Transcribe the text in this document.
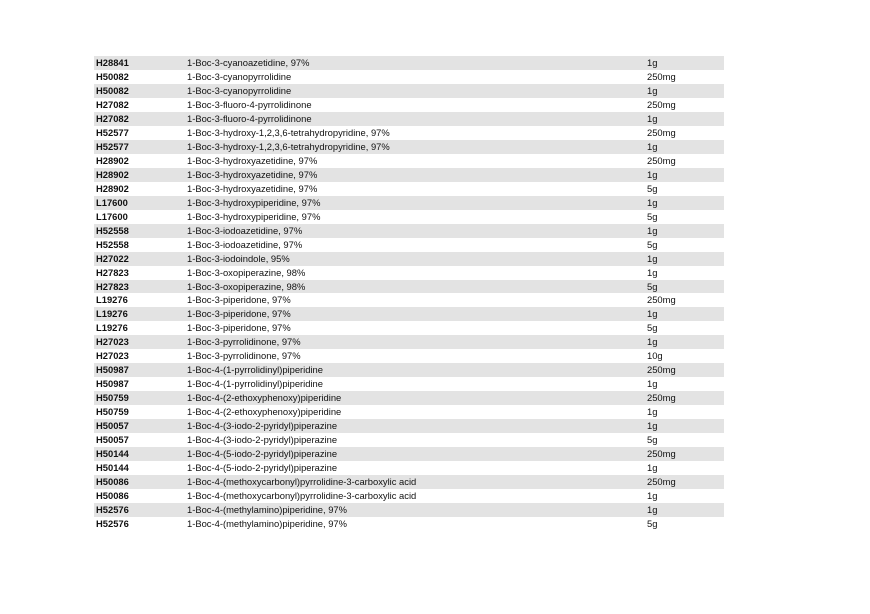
H28841	1-Boc-3-cyanoazetidine, 97%	1g
H50082	1-Boc-3-cyanopyrrolidine	250mg
H50082	1-Boc-3-cyanopyrrolidine	1g
H27082	1-Boc-3-fluoro-4-pyrrolidinone	250mg
H27082	1-Boc-3-fluoro-4-pyrrolidinone	1g
H52577	1-Boc-3-hydroxy-1,2,3,6-tetrahydropyridine, 97%	250mg
H52577	1-Boc-3-hydroxy-1,2,3,6-tetrahydropyridine, 97%	1g
H28902	1-Boc-3-hydroxyazetidine, 97%	250mg
H28902	1-Boc-3-hydroxyazetidine, 97%	1g
H28902	1-Boc-3-hydroxyazetidine, 97%	5g
L17600	1-Boc-3-hydroxypiperidine, 97%	1g
L17600	1-Boc-3-hydroxypiperidine, 97%	5g
H52558	1-Boc-3-iodoazetidine, 97%	1g
H52558	1-Boc-3-iodoazetidine, 97%	5g
H27022	1-Boc-3-iodoindole, 95%	1g
H27823	1-Boc-3-oxopiperazine, 98%	1g
H27823	1-Boc-3-oxopiperazine, 98%	5g
L19276	1-Boc-3-piperidone, 97%	250mg
L19276	1-Boc-3-piperidone, 97%	1g
L19276	1-Boc-3-piperidone, 97%	5g
H27023	1-Boc-3-pyrrolidinone, 97%	1g
H27023	1-Boc-3-pyrrolidinone, 97%	10g
H50987	1-Boc-4-(1-pyrrolidinyl)piperidine	250mg
H50987	1-Boc-4-(1-pyrrolidinyl)piperidine	1g
H50759	1-Boc-4-(2-ethoxyphenoxy)piperidine	250mg
H50759	1-Boc-4-(2-ethoxyphenoxy)piperidine	1g
H50057	1-Boc-4-(3-iodo-2-pyridyl)piperazine	1g
H50057	1-Boc-4-(3-iodo-2-pyridyl)piperazine	5g
H50144	1-Boc-4-(5-iodo-2-pyridyl)piperazine	250mg
H50144	1-Boc-4-(5-iodo-2-pyridyl)piperazine	1g
H50086	1-Boc-4-(methoxycarbonyl)pyrrolidine-3-carboxylic acid	250mg
H50086	1-Boc-4-(methoxycarbonyl)pyrrolidine-3-carboxylic acid	1g
H52576	1-Boc-4-(methylamino)piperidine, 97%	1g
H52576	1-Boc-4-(methylamino)piperidine, 97%	5g
